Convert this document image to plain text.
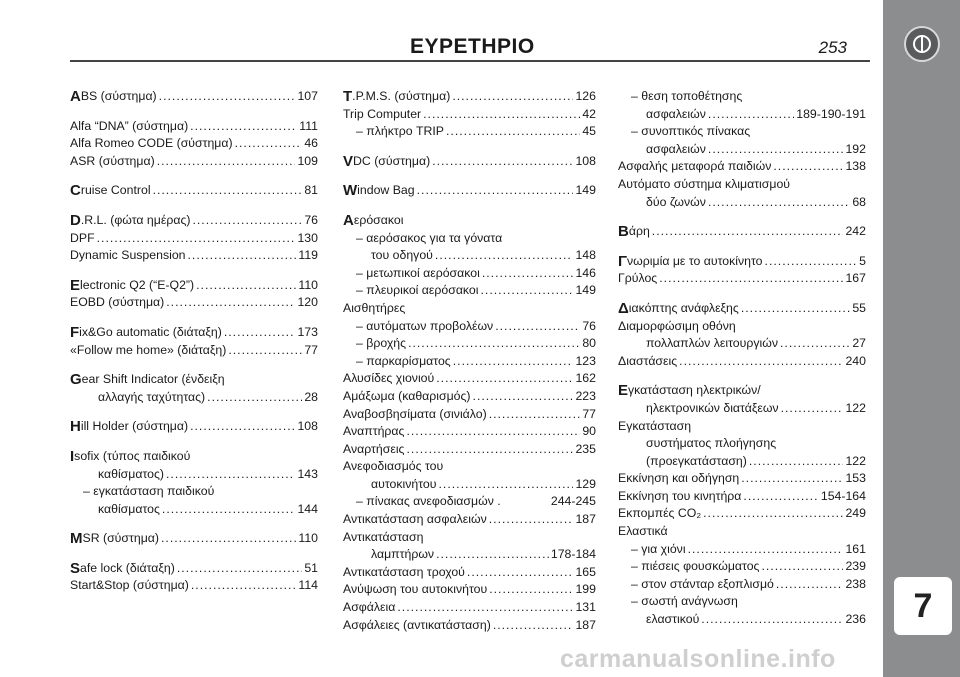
7
ΕΥΡΕΤΗΡΙΟ	253
A BS (σύστημα) .....	107
Alfa “DNA” (σύστημα) .....	111
Alfa Romeo CODE (σύστημα) .....	46
ASR (σύστημα) .....	109
C ruise Control .....	81
D .R.L. (φώτα ημέρας) .....	76
DPF .....	130
Dynamic Suspension .....	119
E lectronic Q2 (“E-Q2”) .....	110
EOBD (σύστημα) .....	120
F ix&Go automatic (διάταξη) .....	173
«Follow me home» (διάταξη) .....	77
G ear Shift Indicator (ένδειξη
αλλαγής ταχύτητας) .....	28
H ill Holder (σύστημα) .....	108
I sofix (τύπος παιδικού
καθίσματος) .....	143
– εγκατάσταση παιδικού
καθίσματος .....	144
M SR (σύστημα) .....	110
S afe lock (διάταξη) .....	51
Start&Stop (σύστημα) .....	114
T .P.M.S. (σύστημα) .....	126
Trip Computer .....	42
– πλήκτρο TRIP .....	45
V DC (σύστημα) .....	108
W indow Bag .....	149
A ερόσακοι
– αερόσακος για τα γόνατα
του οδηγού .....	148
– μετωπικοί αερόσακοι .....	146
– πλευρικοί αερόσακοι .....	149
Αισθητήρες
– αυτόματων προβολέων .....	76
– βροχής .....	80
– παρκαρίσματος .....	123
Αλυσίδες χιονιού .....	162
Αμάξωμα (καθαρισμός) .....	223
Αναβοσβησίματα (σινιάλο) .....	77
Αναπτήρας .....	90
Αναρτήσεις .....	235
Ανεφοδιασμός του
αυτοκινήτου .....	129
– πίνακας ανεφοδιασμών .	244-245
Αντικατάσταση ασφαλειών .....	187
Αντικατάσταση
λαμπτήρων .....	178-184
Αντικατάσταση τροχού .....	165
Ανύψωση του αυτοκινήτου .....	199
Ασφάλεια .....	131
Ασφάλειες (αντικατάσταση) .....	187
– θεση τοποθέτησης
ασφαλειών .....	189-190-191
– συνοπτικός πίνακας
ασφαλειών .....	192
Ασφαλής μεταφορά παιδιών .....	138
Αυτόματο σύστημα κλιματισμού
δύο ζωνών .....	68
B άρη .....	242
Γ νωριμία με το αυτοκίνητο .....	5
Γρύλος .....	167
Δ ιακόπτης ανάφλεξης .....	55
Διαμορφώσιμη οθόνη
πολλαπλών λειτουργιών .....	27
Διαστάσεις .....	240
E γκατάσταση ηλεκτρικών/
ηλεκτρονικών διατάξεων .....	122
Εγκατάσταση
συστήματος πλοήγησης
(προεγκατάσταση) .....	122
Εκκίνηση και οδήγηση .....	153
Εκκίνηση του κινητήρα .....	154-164
Εκπομπές CO₂ .....	249
Ελαστικά
– για χιόνι .....	161
– πιέσεις φουσκώματος .....	239
– στον στάνταρ εξοπλισμό .....	238
– σωστή ανάγνωση
ελαστικού .....	236
carmanualsonline.info
